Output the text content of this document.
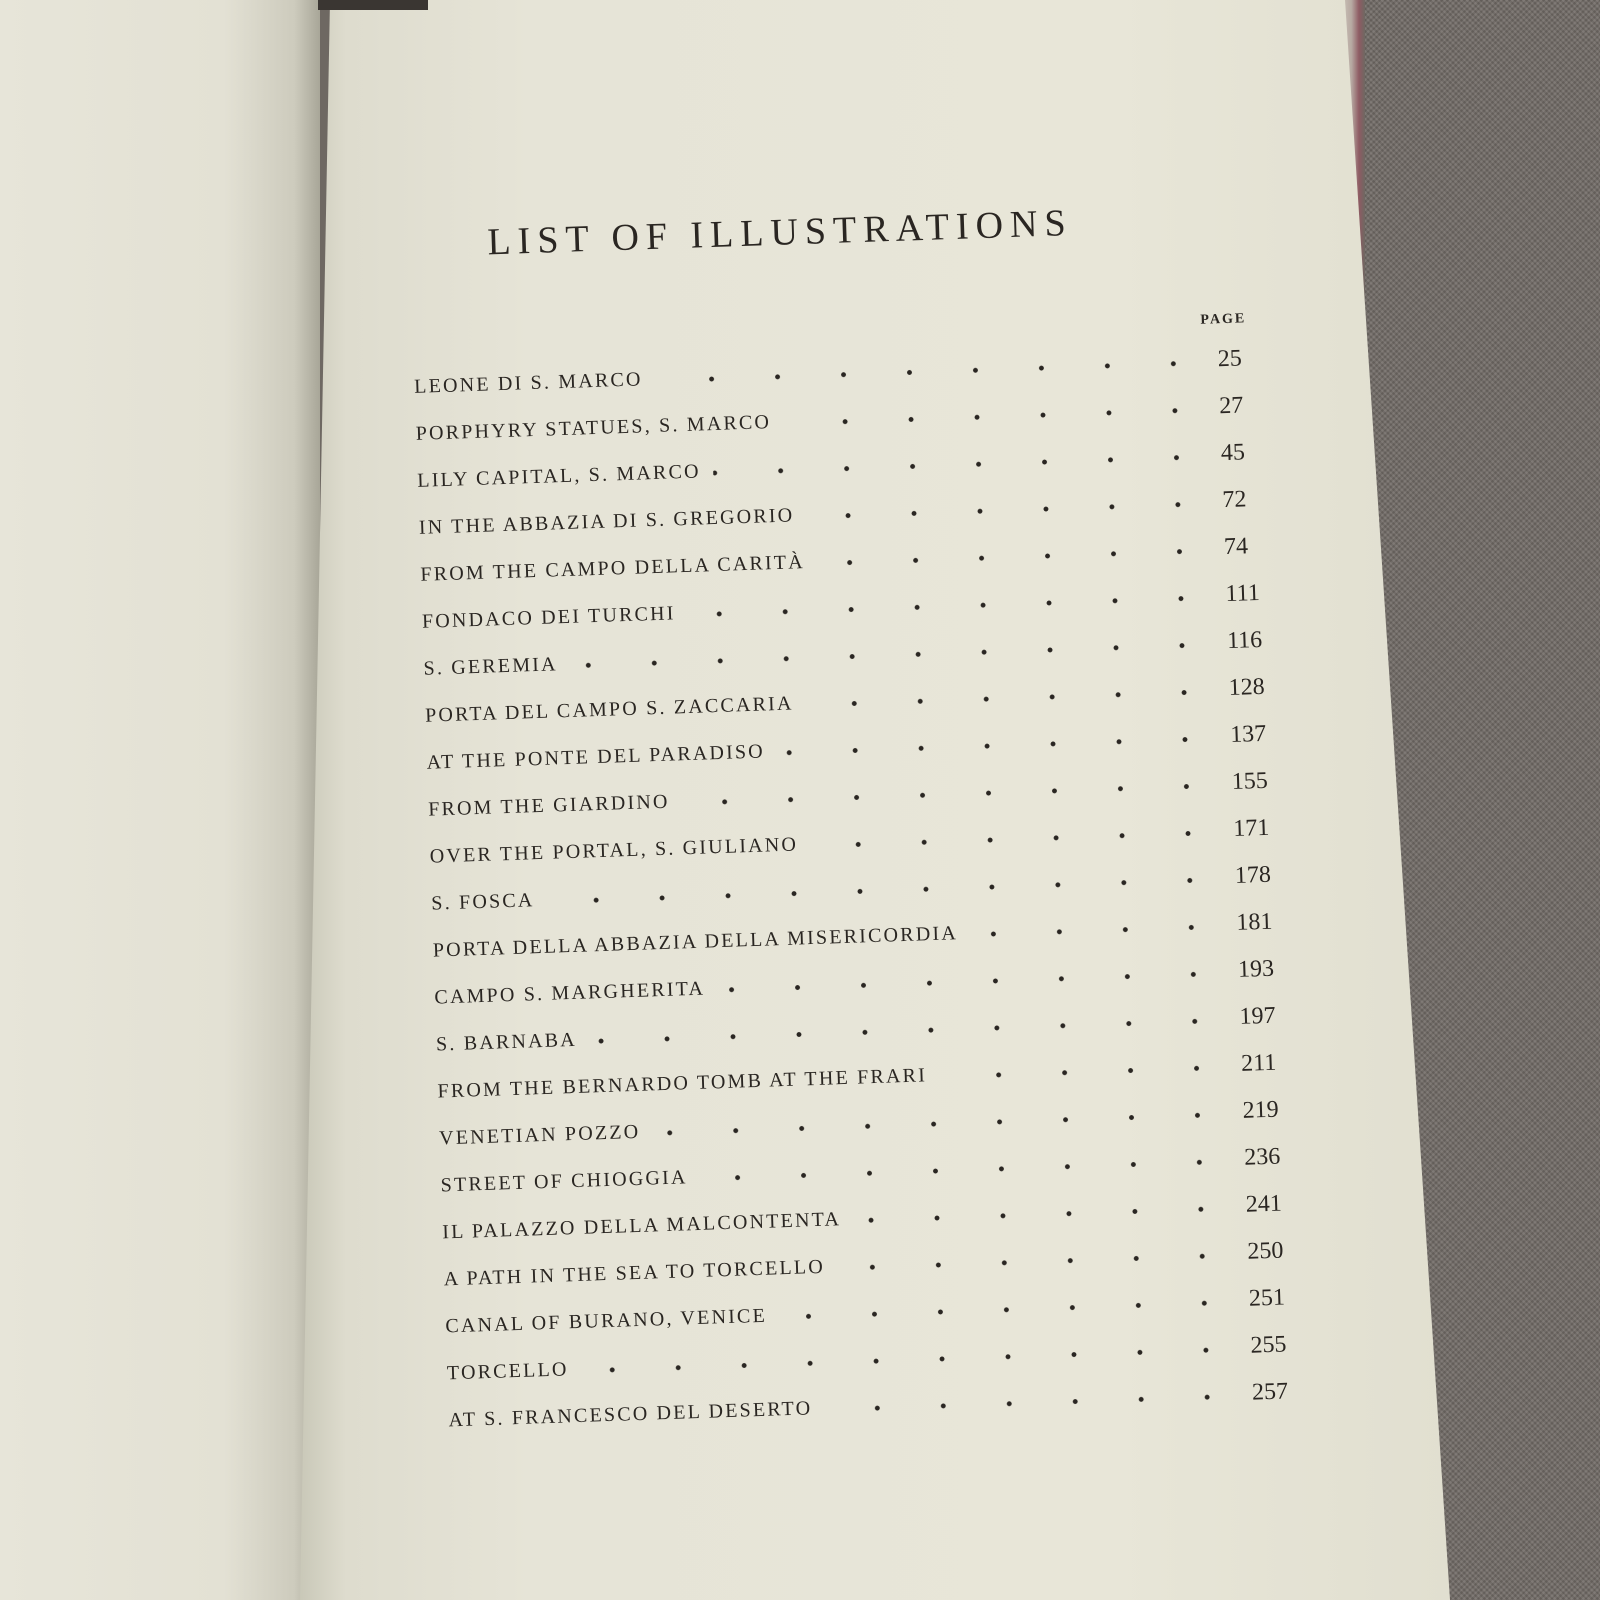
LIST OF ILLUSTRATIONS
PAGE
LEONE DI S. MARCO
25
PORPHYRY STATUES, S. MARCO
27
LILY CAPITAL, S. MARCO
45
IN THE ABBAZIA DI S. GREGORIO
72
FROM THE CAMPO DELLA CARITÀ
74
FONDACO DEI TURCHI
111
S. GEREMIA
116
PORTA DEL CAMPO S. ZACCARIA
128
AT THE PONTE DEL PARADISO
137
FROM THE GIARDINO
155
OVER THE PORTAL, S. GIULIANO
171
S. FOSCA
178
PORTA DELLA ABBAZIA DELLA MISERICORDIA	181
CAMPO S. MARGHERITA
193
S. BARNABA
197
FROM THE BERNARDO TOMB AT THE FRARI
211
VENETIAN POZZO
219
STREET OF CHIOGGIA
236
IL PALAZZO DELLA MALCONTENTA
241
A PATH IN THE SEA TO TORCELLO
250
CANAL OF BURANO, VENICE
251
TORCELLO
255
AT S. FRANCESCO DEL DESERTO
257
